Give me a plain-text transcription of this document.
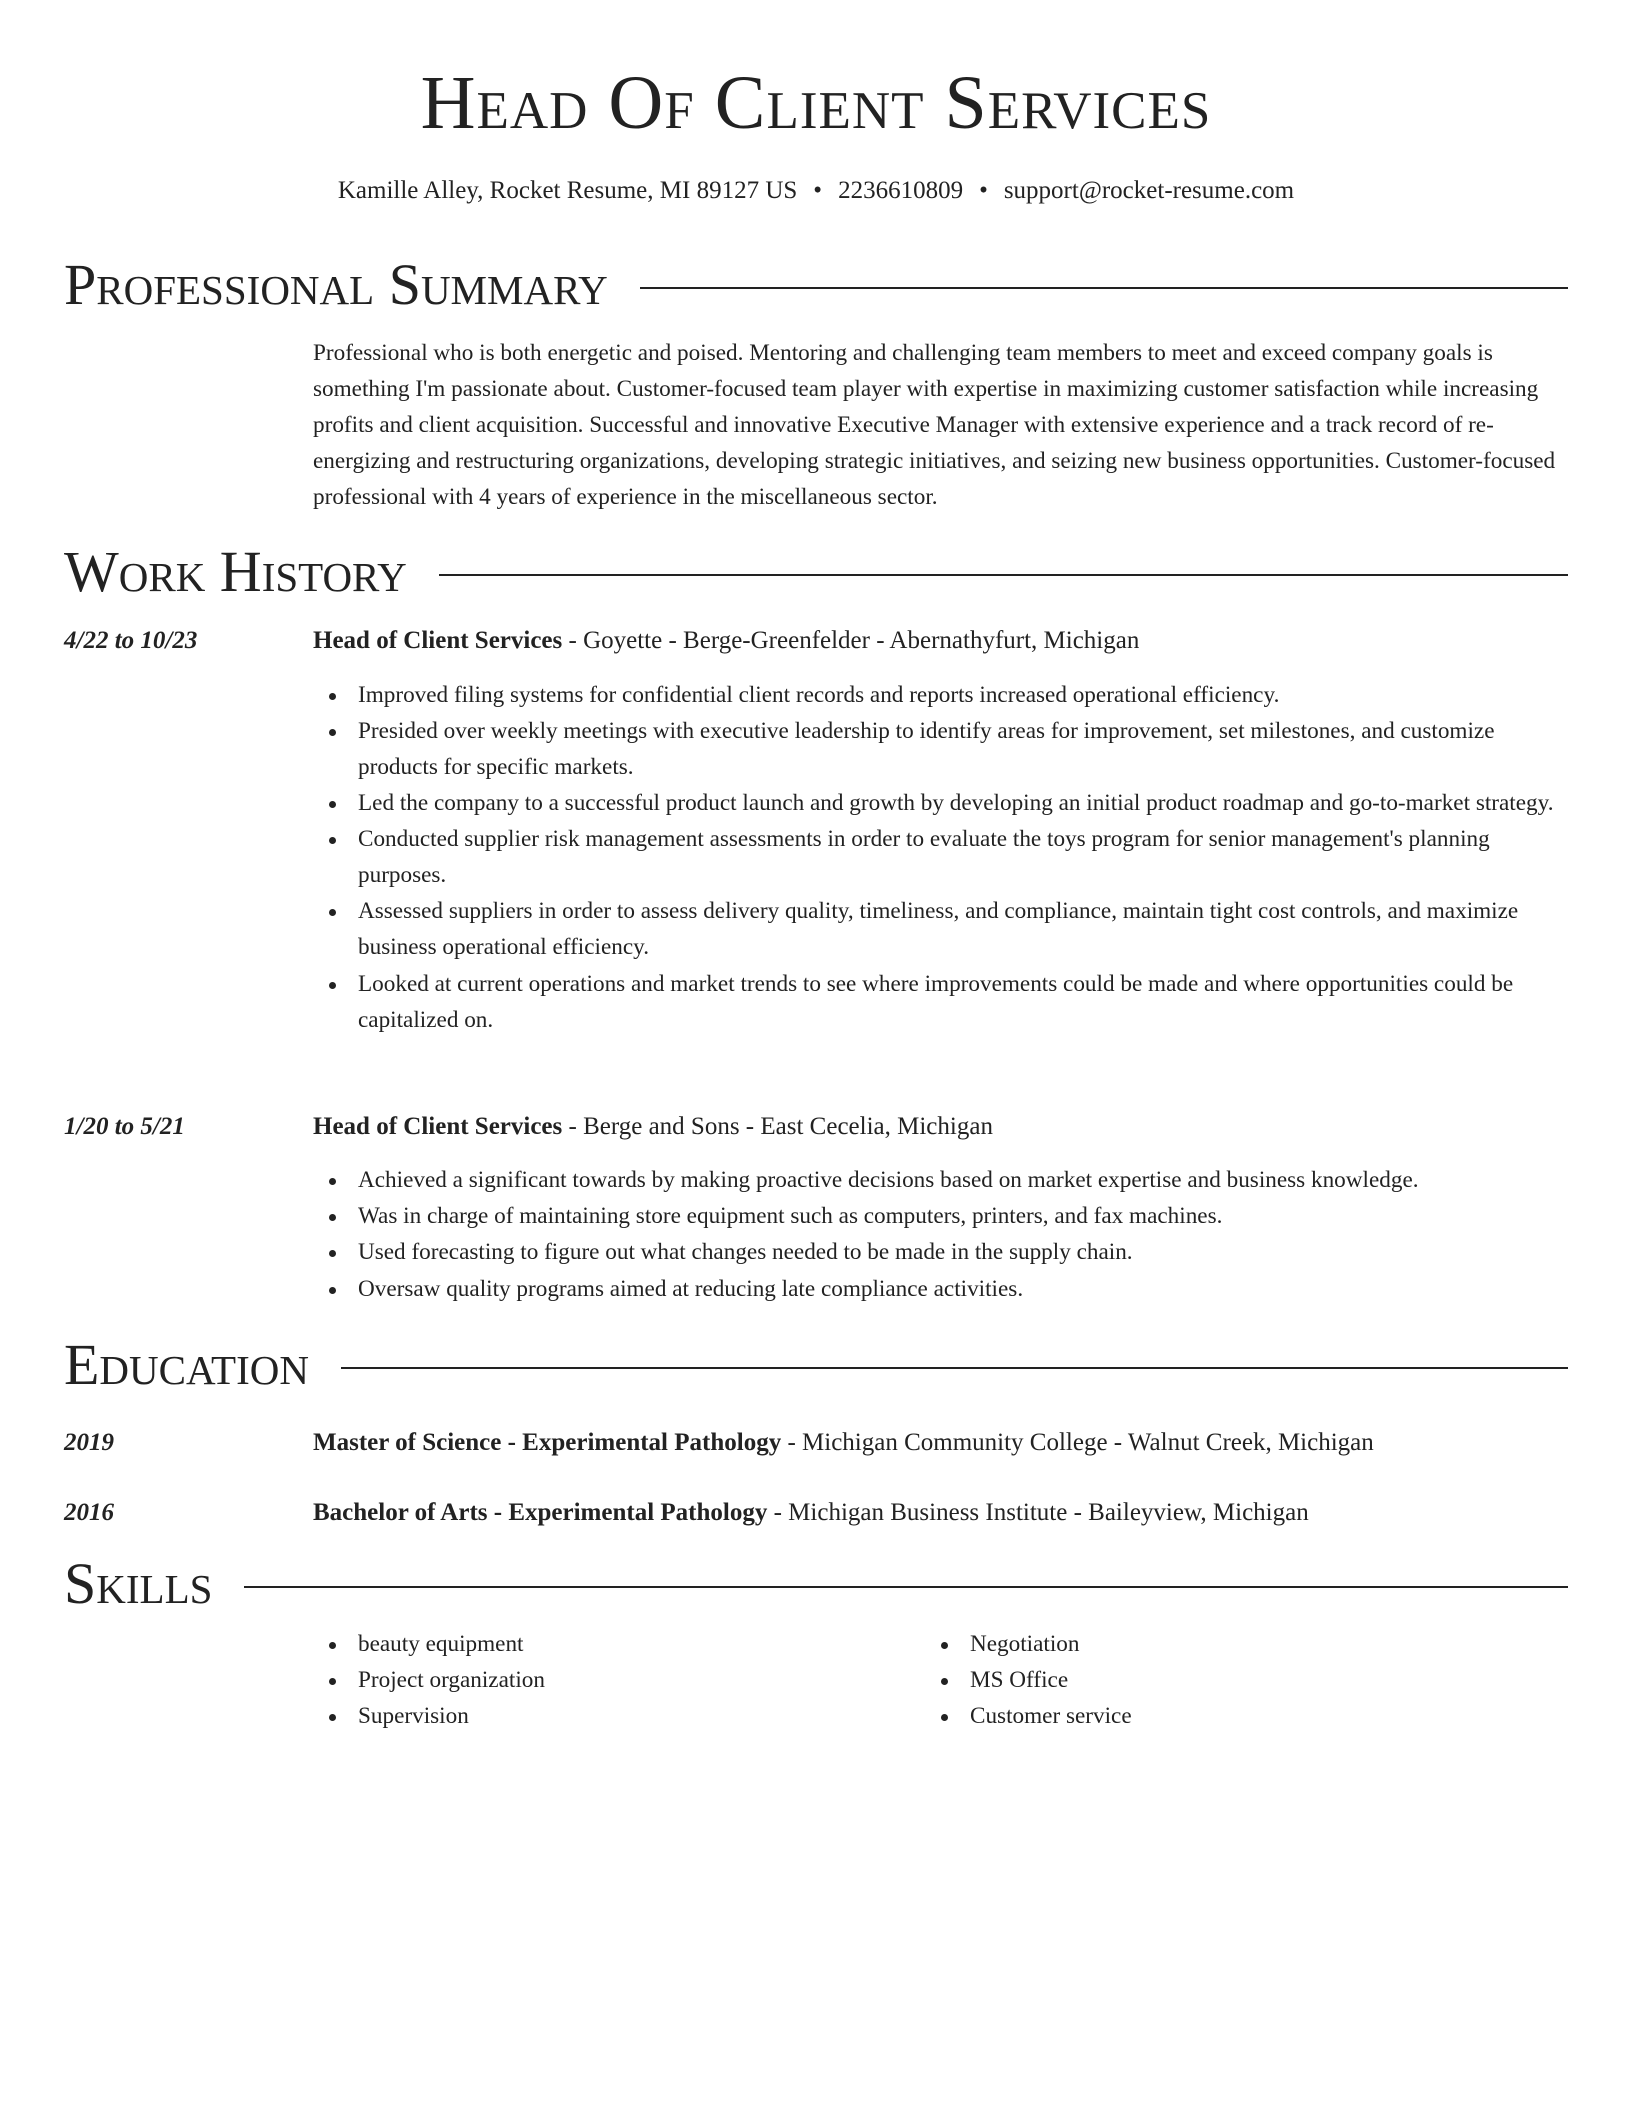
Head Of Client Services
Kamille Alley, Rocket Resume, MI 89127 US • 2236610809 • support@rocket-resume.com
Professional Summary
Professional who is both energetic and poised. Mentoring and challenging team members to meet and exceed company goals is something I'm passionate about. Customer-focused team player with expertise in maximizing customer satisfaction while increasing profits and client acquisition. Successful and innovative Executive Manager with extensive experience and a track record of re-energizing and restructuring organizations, developing strategic initiatives, and seizing new business opportunities. Customer-focused professional with 4 years of experience in the miscellaneous sector.
Work History
4/22 to 10/23	Head of Client Services - Goyette - Berge-Greenfelder - Abernathyfurt, Michigan
Improved filing systems for confidential client records and reports increased operational efficiency.
Presided over weekly meetings with executive leadership to identify areas for improvement, set milestones, and customize products for specific markets.
Led the company to a successful product launch and growth by developing an initial product roadmap and go-to-market strategy.
Conducted supplier risk management assessments in order to evaluate the toys program for senior management's planning purposes.
Assessed suppliers in order to assess delivery quality, timeliness, and compliance, maintain tight cost controls, and maximize business operational efficiency.
Looked at current operations and market trends to see where improvements could be made and where opportunities could be capitalized on.
1/20 to 5/21	Head of Client Services - Berge and Sons - East Cecelia, Michigan
Achieved a significant towards by making proactive decisions based on market expertise and business knowledge.
Was in charge of maintaining store equipment such as computers, printers, and fax machines.
Used forecasting to figure out what changes needed to be made in the supply chain.
Oversaw quality programs aimed at reducing late compliance activities.
Education
2019	Master of Science - Experimental Pathology - Michigan Community College - Walnut Creek, Michigan
2016	Bachelor of Arts - Experimental Pathology - Michigan Business Institute - Baileyview, Michigan
Skills
beauty equipment
Project organization
Supervision
Negotiation
MS Office
Customer service
